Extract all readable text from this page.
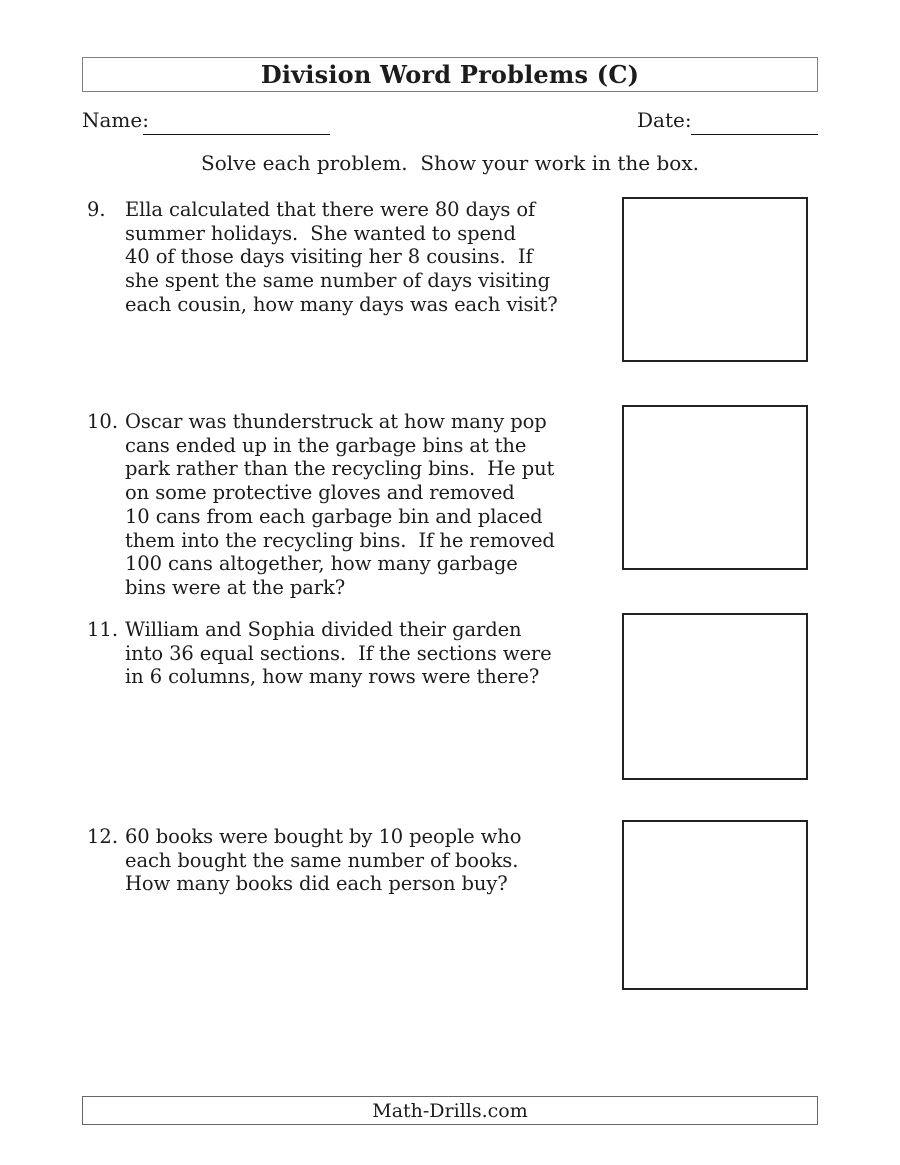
Division Word Problems (C)
Name:	Date:
Solve each problem.  Show your work in the box.
9. Ella calculated that there were 80 days of
summer holidays.  She wanted to spend
40 of those days visiting her 8 cousins.  If
she spent the same number of days visiting
each cousin, how many days was each visit?
10. Oscar was thunderstruck at how many pop
cans ended up in the garbage bins at the
park rather than the recycling bins.  He put
on some protective gloves and removed
10 cans from each garbage bin and placed
them into the recycling bins.  If he removed
100 cans altogether, how many garbage
bins were at the park?
11. William and Sophia divided their garden
into 36 equal sections.  If the sections were
in 6 columns, how many rows were there?
12. 60 books were bought by 10 people who
each bought the same number of books.
How many books did each person buy?
Math-Drills.com
